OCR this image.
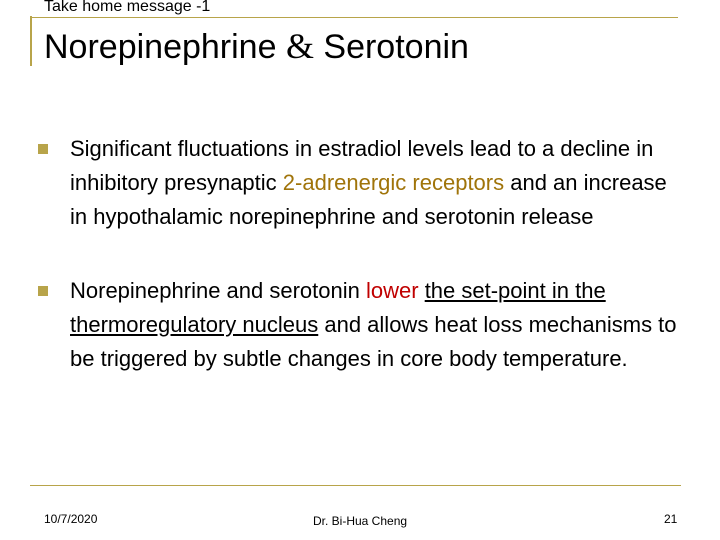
Take home message -1
Norepinephrine & Serotonin
Significant fluctuations in estradiol levels lead to a decline in inhibitory presynaptic 2-adrenergic receptors and an increase in hypothalamic norepinephrine and serotonin release
Norepinephrine and serotonin lower the set-point in the thermoregulatory nucleus and allows heat loss mechanisms to be triggered by subtle changes in core body temperature.
10/7/2020	Dr. Bi-Hua Cheng	21
